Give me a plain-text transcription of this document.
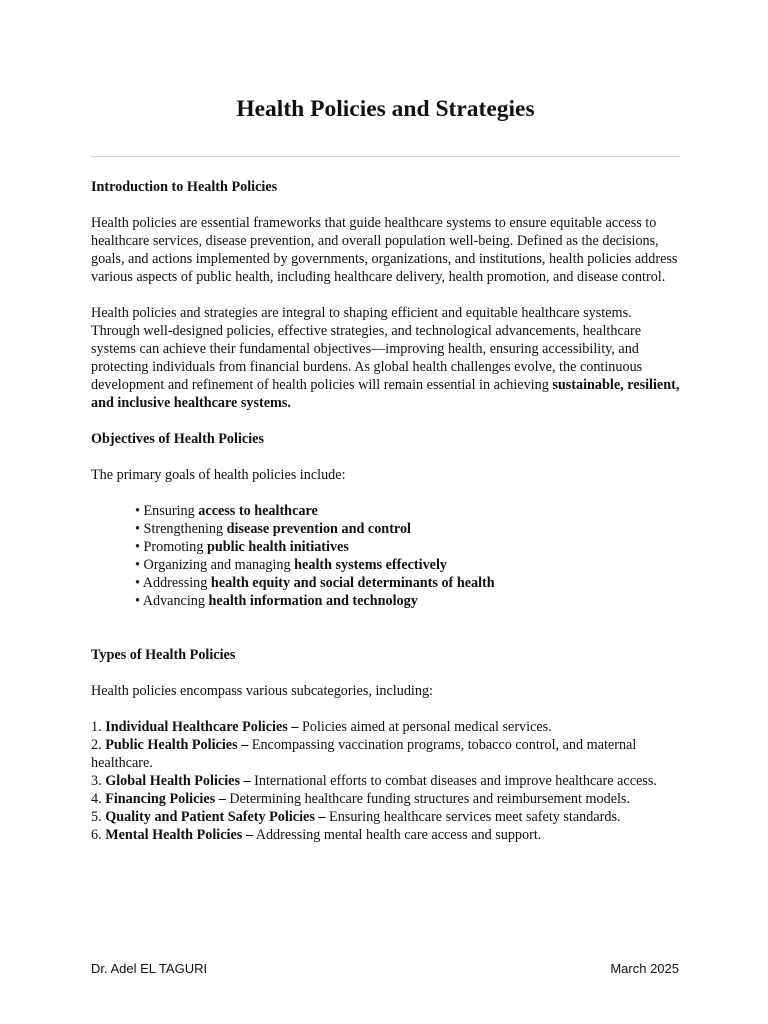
Health Policies and Strategies

Introduction to Health Policies

Health policies are essential frameworks that guide healthcare systems to ensure equitable access to healthcare services, disease prevention, and overall population well-being. Defined as the decisions, goals, and actions implemented by governments, organizations, and institutions, health policies address various aspects of public health, including healthcare delivery, health promotion, and disease control.

Health policies and strategies are integral to shaping efficient and equitable healthcare systems. Through well-designed policies, effective strategies, and technological advancements, healthcare systems can achieve their fundamental objectives—improving health, ensuring accessibility, and protecting individuals from financial burdens. As global health challenges evolve, the continuous development and refinement of health policies will remain essential in achieving sustainable, resilient, and inclusive healthcare systems.

Objectives of Health Policies

The primary goals of health policies include:

• Ensuring access to healthcare
• Strengthening disease prevention and control
• Promoting public health initiatives
• Organizing and managing health systems effectively
• Addressing health equity and social determinants of health
• Advancing health information and technology

Types of Health Policies

Health policies encompass various subcategories, including:

1. Individual Healthcare Policies – Policies aimed at personal medical services.
2. Public Health Policies – Encompassing vaccination programs, tobacco control, and maternal healthcare.
3. Global Health Policies – International efforts to combat diseases and improve healthcare access.
4. Financing Policies – Determining healthcare funding structures and reimbursement models.
5. Quality and Patient Safety Policies – Ensuring healthcare services meet safety standards.
6. Mental Health Policies – Addressing mental health care access and support.
Dr. Adel EL TAGURI	March 2025
